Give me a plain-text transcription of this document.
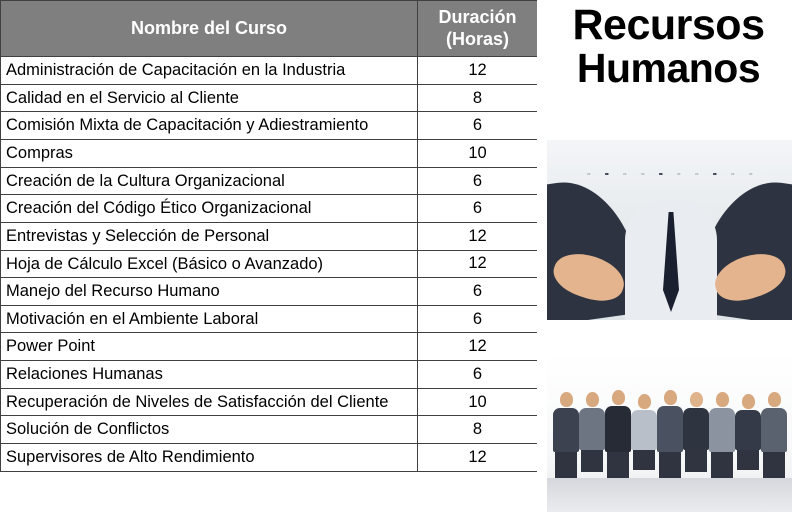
Nombre del Curso	Duración
(Horas)

Administración de Capacitación en la Industria	12
Calidad en el Servicio al Cliente	8
Comisión Mixta de Capacitación y Adiestramiento	6
Compras	10
Creación de la Cultura Organizacional	6
Creación del Código Ético Organizacional	6
Entrevistas y Selección de Personal	12
Hoja de Cálculo Excel (Básico o Avanzado)	12
Manejo del Recurso Humano	6
Motivación en el Ambiente Laboral	6
Power Point	12
Relaciones Humanas	6
Recuperación de Niveles de Satisfacción del Cliente	10
Solución de Conflictos	8
Supervisores de Alto Rendimiento	12
Recursos
Humanos
